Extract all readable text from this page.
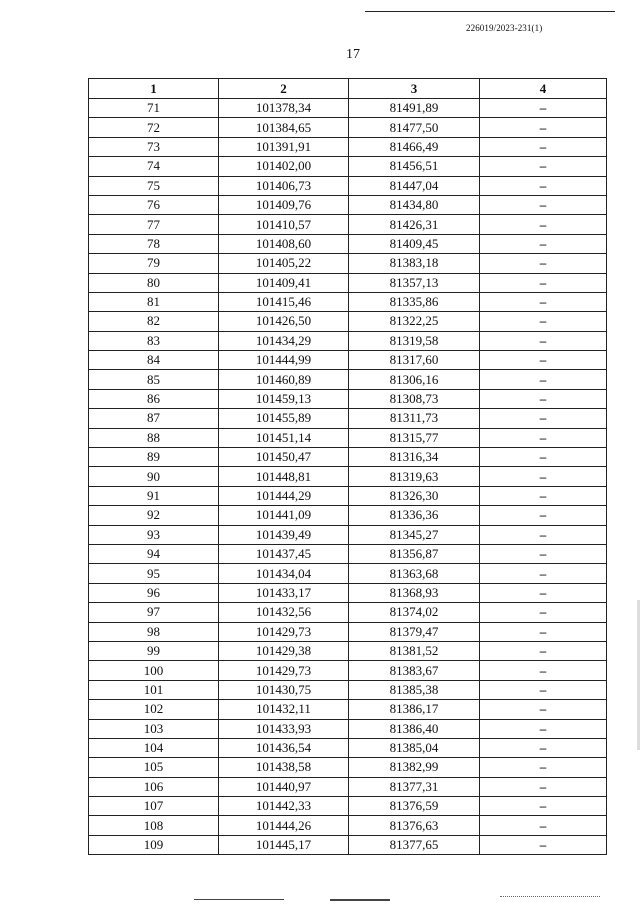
226019/2023-231(1)
17
1	2	3	4
71	101378,34	81491,89	–
72	101384,65	81477,50	–
73	101391,91	81466,49	–
74	101402,00	81456,51	–
75	101406,73	81447,04	–
76	101409,76	81434,80	–
77	101410,57	81426,31	–
78	101408,60	81409,45	–
79	101405,22	81383,18	–
80	101409,41	81357,13	–
81	101415,46	81335,86	–
82	101426,50	81322,25	–
83	101434,29	81319,58	–
84	101444,99	81317,60	–
85	101460,89	81306,16	–
86	101459,13	81308,73	–
87	101455,89	81311,73	–
88	101451,14	81315,77	–
89	101450,47	81316,34	–
90	101448,81	81319,63	–
91	101444,29	81326,30	–
92	101441,09	81336,36	–
93	101439,49	81345,27	–
94	101437,45	81356,87	–
95	101434,04	81363,68	–
96	101433,17	81368,93	–
97	101432,56	81374,02	–
98	101429,73	81379,47	–
99	101429,38	81381,52	–
100	101429,73	81383,67	–
101	101430,75	81385,38	–
102	101432,11	81386,17	–
103	101433,93	81386,40	–
104	101436,54	81385,04	–
105	101438,58	81382,99	–
106	101440,97	81377,31	–
107	101442,33	81376,59	–
108	101444,26	81376,63	–
109	101445,17	81377,65	–
